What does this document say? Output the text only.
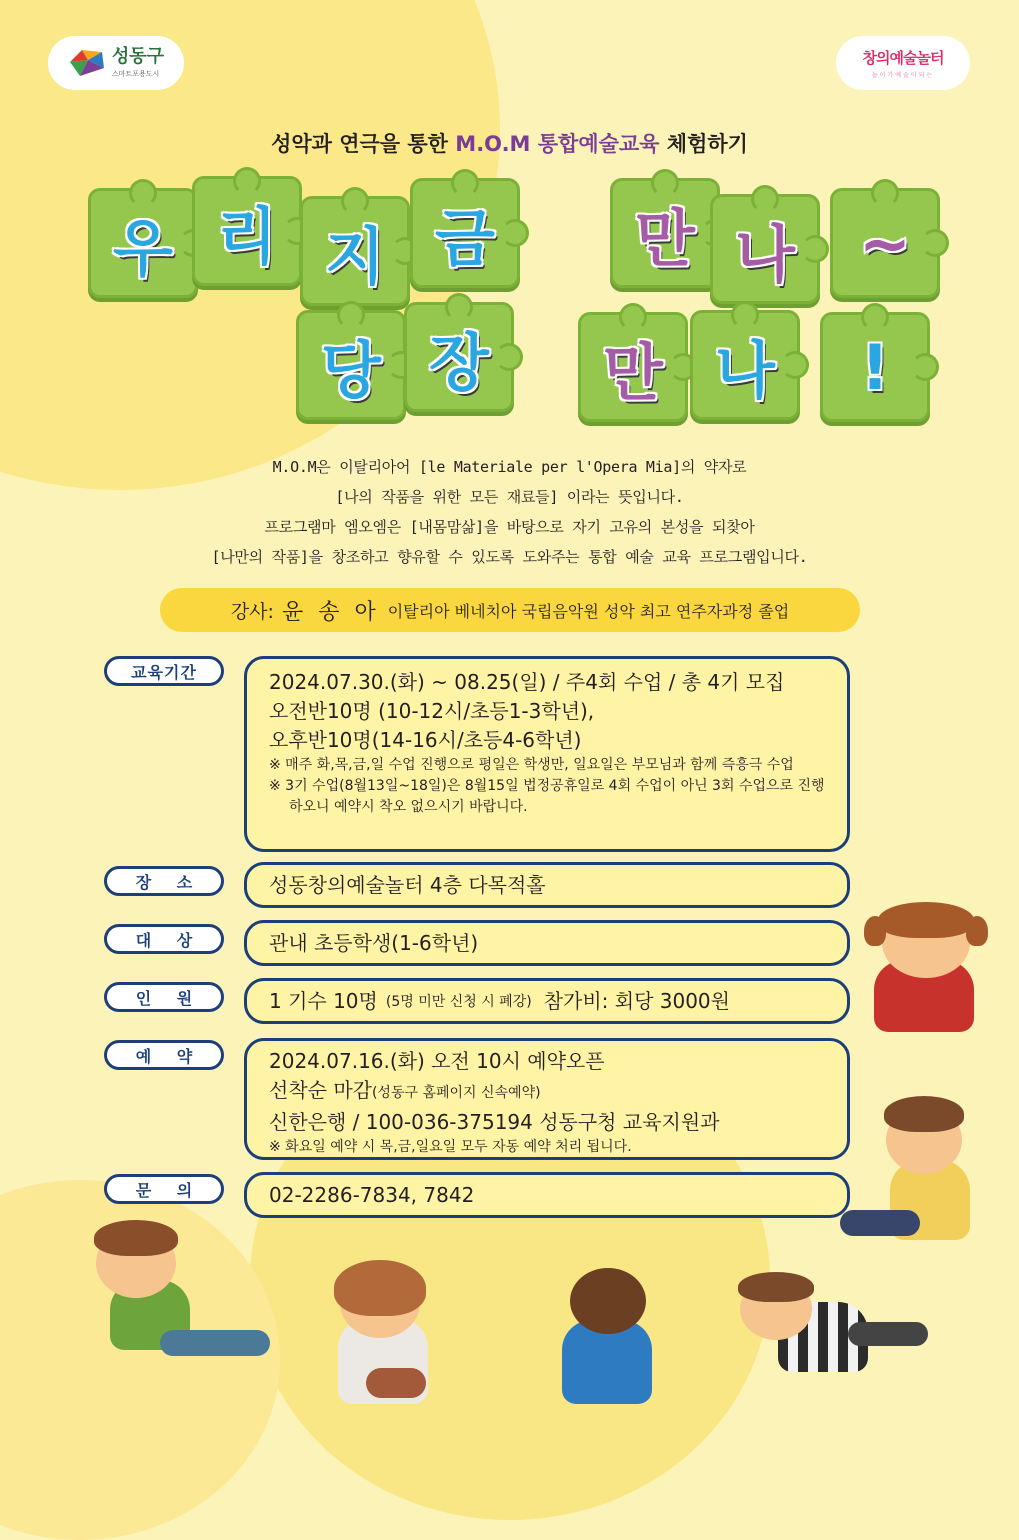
성동구
스마트포용도시
창의예술놀터
놀이가예술이되는
성악과 연극을 통한 M.O.M 통합예술교육 체험하기
우 리 지 금 만 나 ~
당 장 만 나 !
M.O.M은 이탈리아어 [le Materiale per l'Opera Mia]의 약자로
[나의 작품을 위한 모든 재료들] 이라는 뜻입니다.
프로그램마 엠오엠은 [내몸맘삶]을 바탕으로 자기 고유의 본성을 되찾아
[나만의 작품]을 창조하고 향유할 수 있도록 도와주는 통합 예술 교육 프로그램입니다.
강사: 윤 송 아 이탈리아 베네치아 국립음악원 성악 최고 연주자과정 졸업
교육기간	2024.07.30.(화) ~ 08.25(일) / 주4회 수업 / 총 4기 모집
오전반10명 (10-12시/초등1-3학년),
오후반10명(14-16시/초등4-6학년)
※ 매주 화,목,금,일 수업 진행으로 평일은 학생만, 일요일은 부모님과 함께 즉흥극 수업
※ 3기 수업(8월13일~18일)은 8월15일 법정공휴일로 4회 수업이 아닌 3회 수업으로 진행하오니 예약시 착오 없으시기 바랍니다.
장 소	성동창의예술놀터 4층 다목적홀
대 상	관내 초등학생(1-6학년)
인 원	1 기수 10명 (5명 미만 신청 시 폐강) 참가비: 회당 3000원
예 약	2024.07.16.(화) 오전 10시 예약오픈
선착순 마감(성동구 홈페이지 신속예약)
신한은행 / 100-036-375194 성동구청 교육지원과
※ 화요일 예약 시 목,금,일요일 모두 자동 예약 처리 됩니다.
문 의	02-2286-7834, 7842
